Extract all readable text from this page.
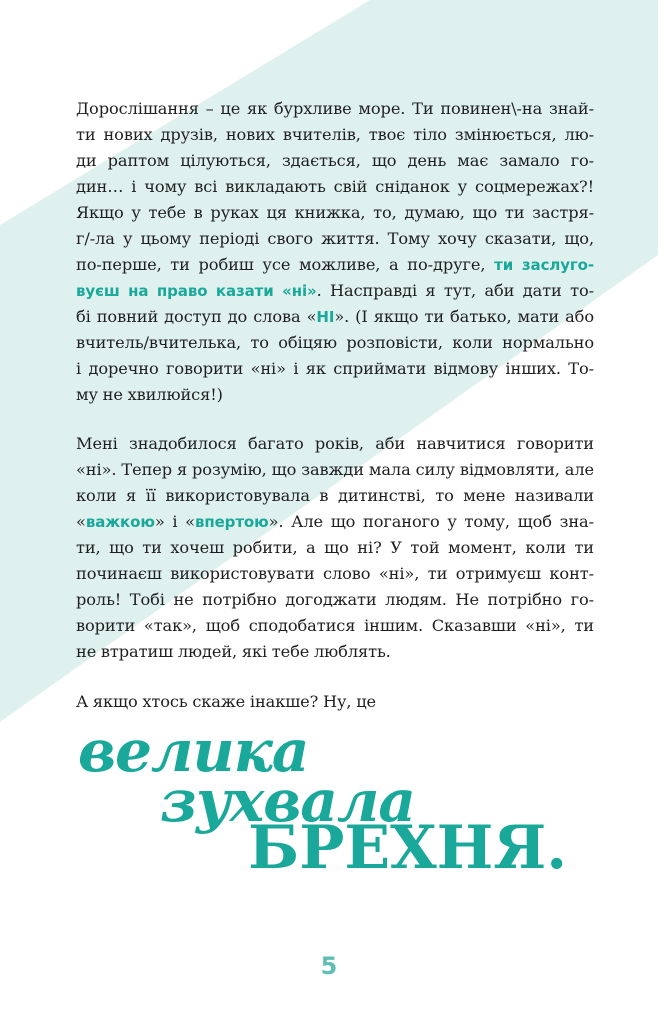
Дорослішання – це як бурхливе море. Ти повинен\-на знай-
ти нових друзів, нових вчителів, твоє тіло змінюється, лю-
ди раптом цілуються, здається, що день має замало го-
дин… і чому всі викладають свій сніданок у соцмережах?!
Якщо у тебе в руках ця книжка, то, думаю, що ти застря-
г/-ла у цьому періоді свого життя. Тому хочу сказати, що,
по-перше, ти робиш усе можливе, а по-друге, ти заслуго-
вуєш на право казати «ні». Насправді я тут, аби дати то-
бі повний доступ до слова «НІ». (І якщо ти батько, мати або
вчитель/вчителька, то обіцяю розповісти, коли нормально
і доречно говорити «ні» і як сприймати відмову інших. То-
му не хвилюйся!)

Мені знадобилося багато років, аби навчитися говорити
«ні». Тепер я розумію, що завжди мала силу відмовляти, але
коли я її використовувала в дитинстві, то мене називали
«важкою» і «впертою». Але що поганого у тому, щоб зна-
ти, що ти хочеш робити, а що ні? У той момент, коли ти
починаєш використовувати слово «ні», ти отримуєш конт-
роль! Тобі не потрібно догоджати людям. Не потрібно го-
ворити «так», щоб сподобатися іншим. Сказавши «ні», ти
не втратиш людей, які тебе люблять.

А якщо хтось скаже інакше? Ну, це

велика
зухвала
БРЕХНЯ.
5
